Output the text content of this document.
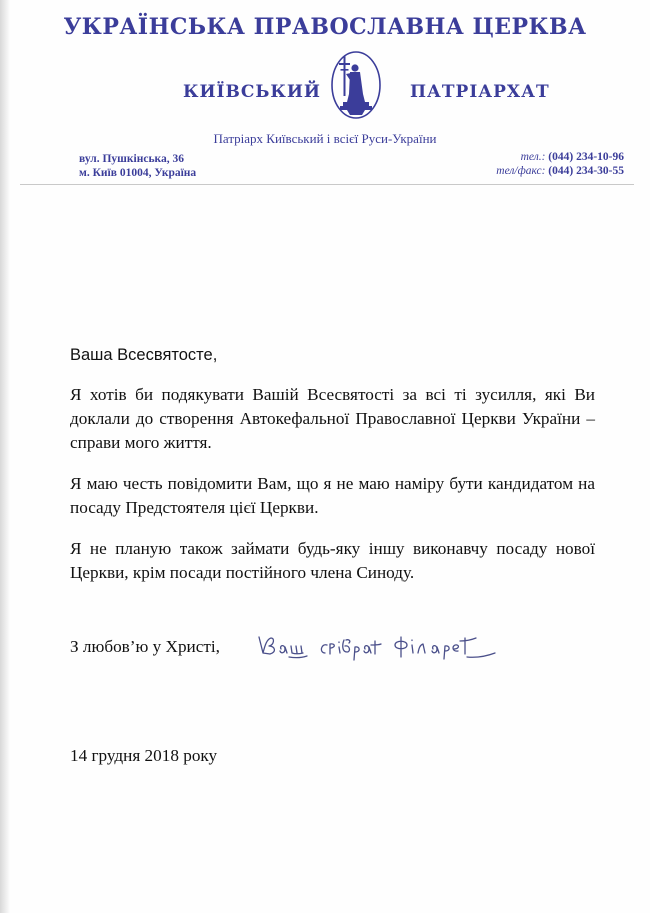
УКРАЇНСЬКА ПРАВОСЛАВНА ЦЕРКВА
КИЇВСЬКИЙ	ПАТРІАРХАТ
Патріарх Київський і всієї Руси-України
вул. Пушкінська, 36
м. Київ 01004, Україна
тел.: (044) 234-10-96
тел/факс: (044) 234-30-55
Ваша Всесвятосте,
Я хотів би подякувати Вашій Всесвятості за всі ті зусилля, які Ви доклали до створення Автокефальної Православної Церкви України – справи мого життя.
Я маю честь повідомити Вам, що я не маю наміру бути кандидатом на посаду Предстоятеля цієї Церкви.
Я не планую також займати будь-яку іншу виконавчу посаду нової Церкви, крім посади постійного члена Синоду.
З любов’ю у Христі,
14 грудня 2018 року
